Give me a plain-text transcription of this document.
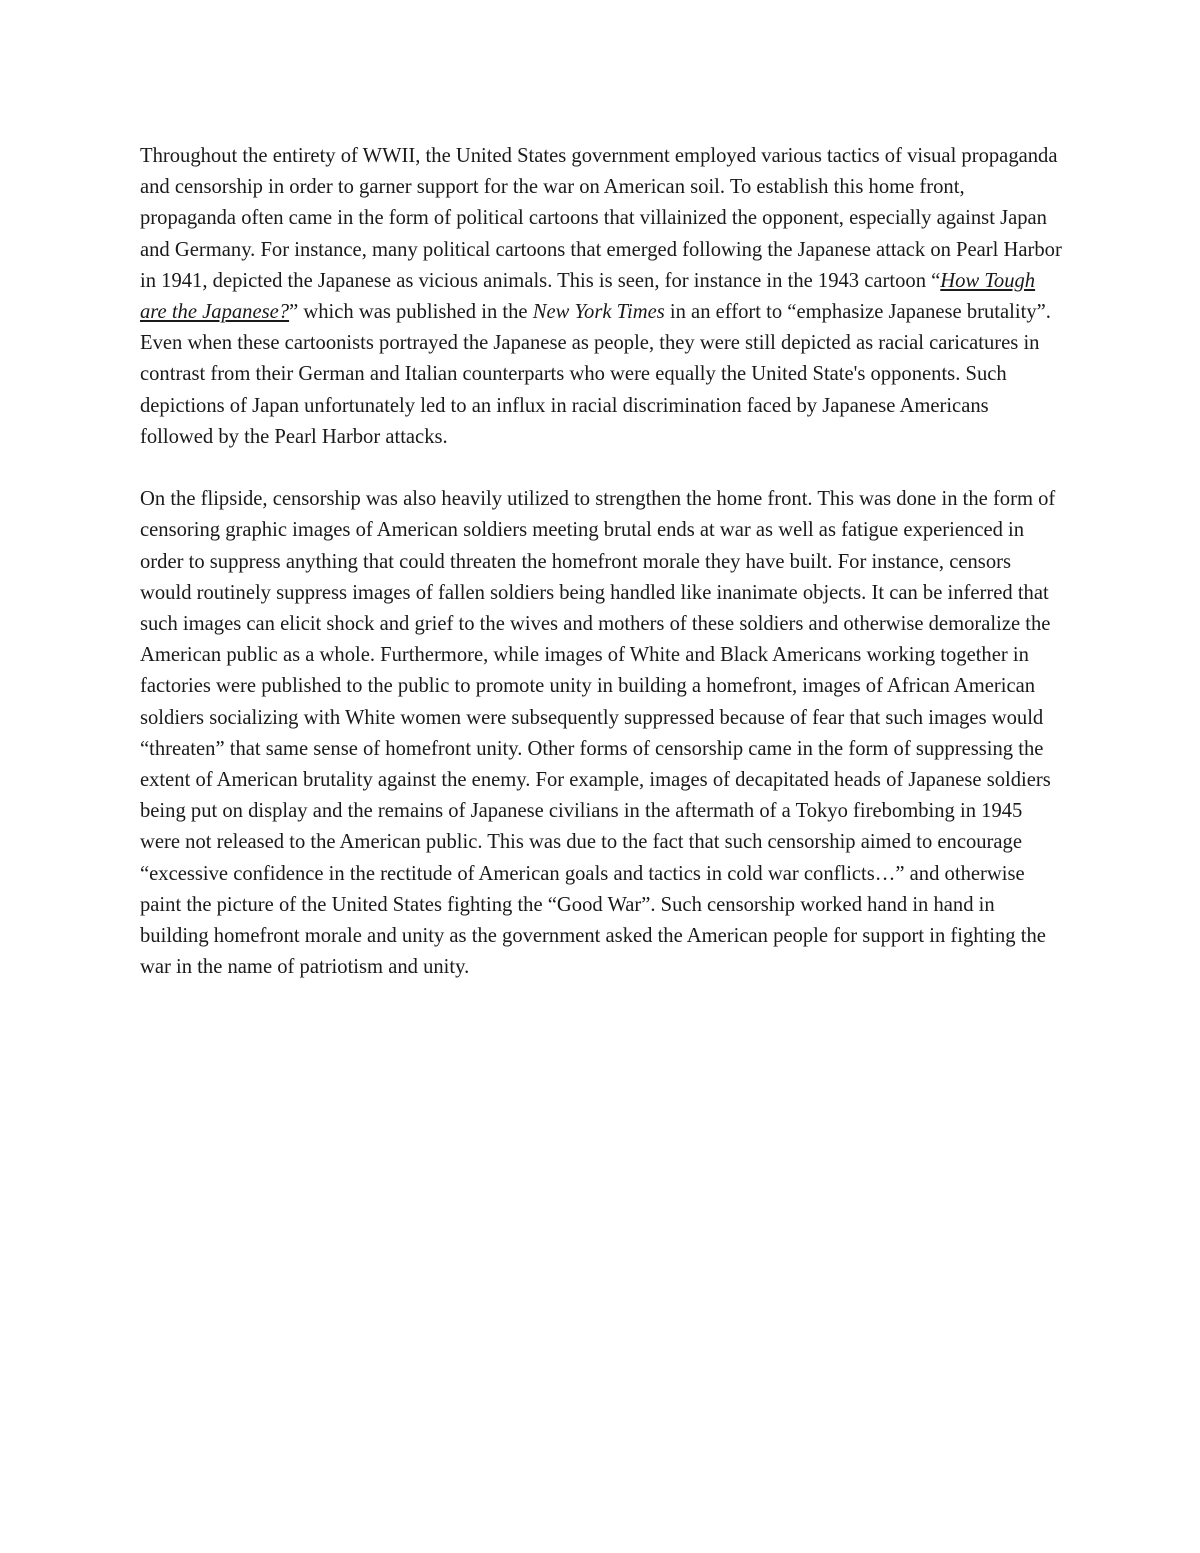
Throughout the entirety of WWII, the United States government employed various tactics of visual propaganda and censorship in order to garner support for the war on American soil. To establish this home front, propaganda often came in the form of political cartoons that villainized the opponent, especially against Japan and Germany. For instance, many political cartoons that emerged following the Japanese attack on Pearl Harbor in 1941, depicted the Japanese as vicious animals. This is seen, for instance in the 1943 cartoon “How Tough are the Japanese?” which was published in the New York Times in an effort to “emphasize Japanese brutality”. Even when these cartoonists portrayed the Japanese as people, they were still depicted as racial caricatures in contrast from their German and Italian counterparts who were equally the United State's opponents. Such depictions of Japan unfortunately led to an influx in racial discrimination faced by Japanese Americans followed by the Pearl Harbor attacks.

On the flipside, censorship was also heavily utilized to strengthen the home front. This was done in the form of censoring graphic images of American soldiers meeting brutal ends at war as well as fatigue experienced in order to suppress anything that could threaten the homefront morale they have built. For instance, censors would routinely suppress images of fallen soldiers being handled like inanimate objects. It can be inferred that such images can elicit shock and grief to the wives and mothers of these soldiers and otherwise demoralize the American public as a whole. Furthermore, while images of White and Black Americans working together in factories were published to the public to promote unity in building a homefront, images of African American soldiers socializing with White women were subsequently suppressed because of fear that such images would “threaten” that same sense of homefront unity. Other forms of censorship came in the form of suppressing the extent of American brutality against the enemy. For example, images of decapitated heads of Japanese soldiers being put on display and the remains of Japanese civilians in the aftermath of a Tokyo firebombing in 1945 were not released to the American public. This was due to the fact that such censorship aimed to encourage “excessive confidence in the rectitude of American goals and tactics in cold war conflicts…” and otherwise paint the picture of the United States fighting the “Good War”. Such censorship worked hand in hand in building homefront morale and unity as the government asked the American people for support in fighting the war in the name of patriotism and unity.
